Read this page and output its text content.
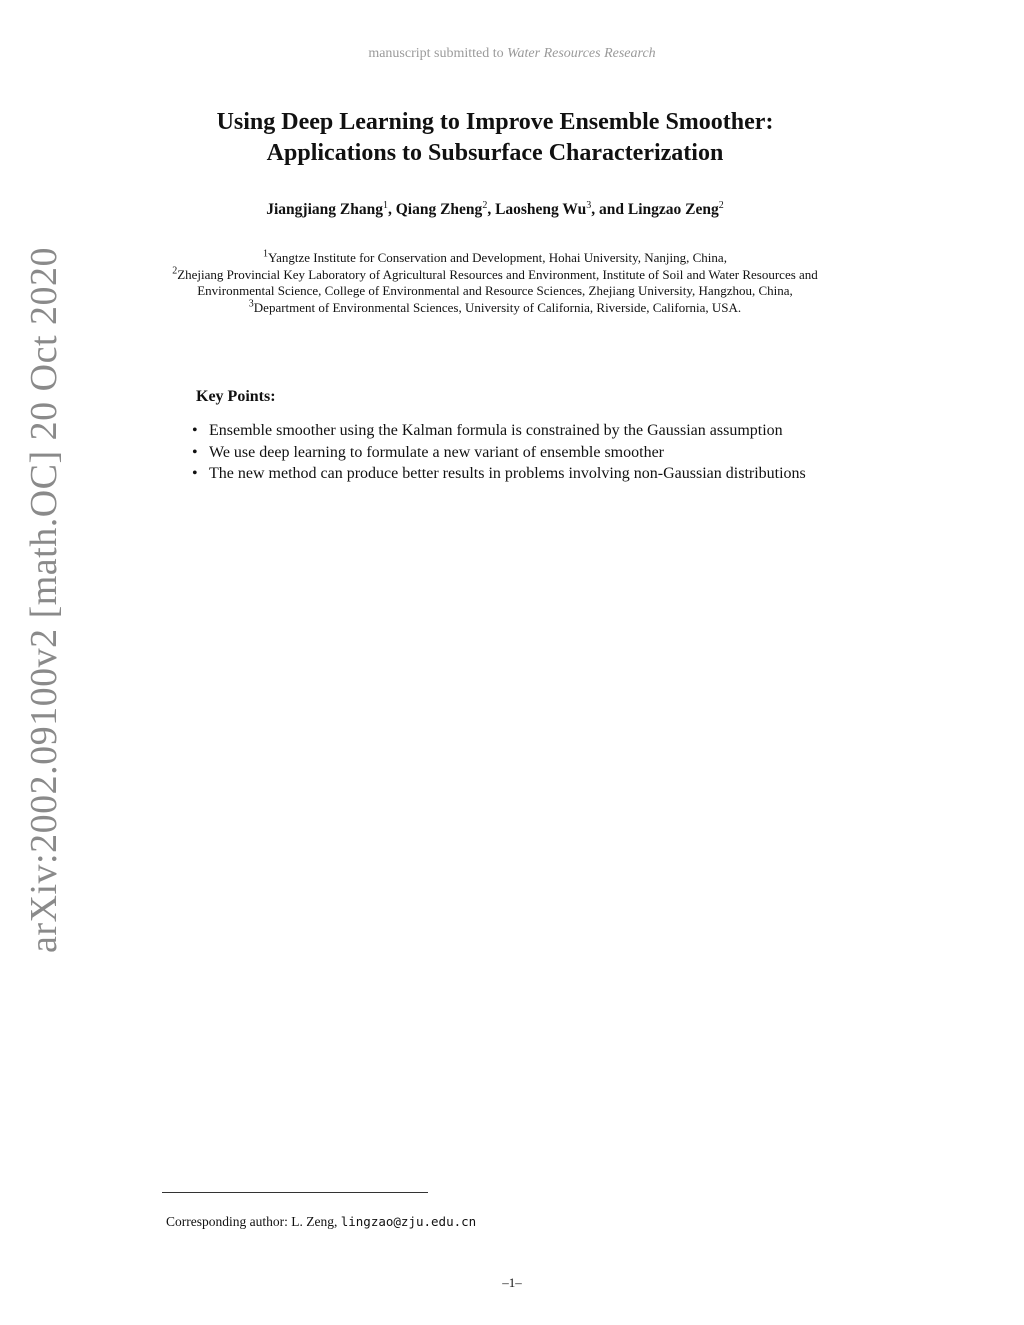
manuscript submitted to Water Resources Research
arXiv:2002.09100v2 [math.OC] 20 Oct 2020
Using Deep Learning to Improve Ensemble Smoother:
Applications to Subsurface Characterization
Jiangjiang Zhang$^1$, Qiang Zheng$^2$, Laosheng Wu$^3$, and Lingzao Zeng$^2$
$^1$Yangtze Institute for Conservation and Development, Hohai University, Nanjing, China,
$^2$Zhejiang Provincial Key Laboratory of Agricultural Resources and Environment, Institute of Soil and Water Resources and Environmental Science, College of Environmental and Resource Sciences, Zhejiang University, Hangzhou, China,
$^3$Department of Environmental Sciences, University of California, Riverside, California, USA.
Key Points:
• Ensemble smoother using the Kalman formula is constrained by the Gaussian assumption
• We use deep learning to formulate a new variant of ensemble smoother
• The new method can produce better results in problems involving non-Gaussian distributions
Corresponding author: L. Zeng, lingzao@zju.edu.cn
–1–
